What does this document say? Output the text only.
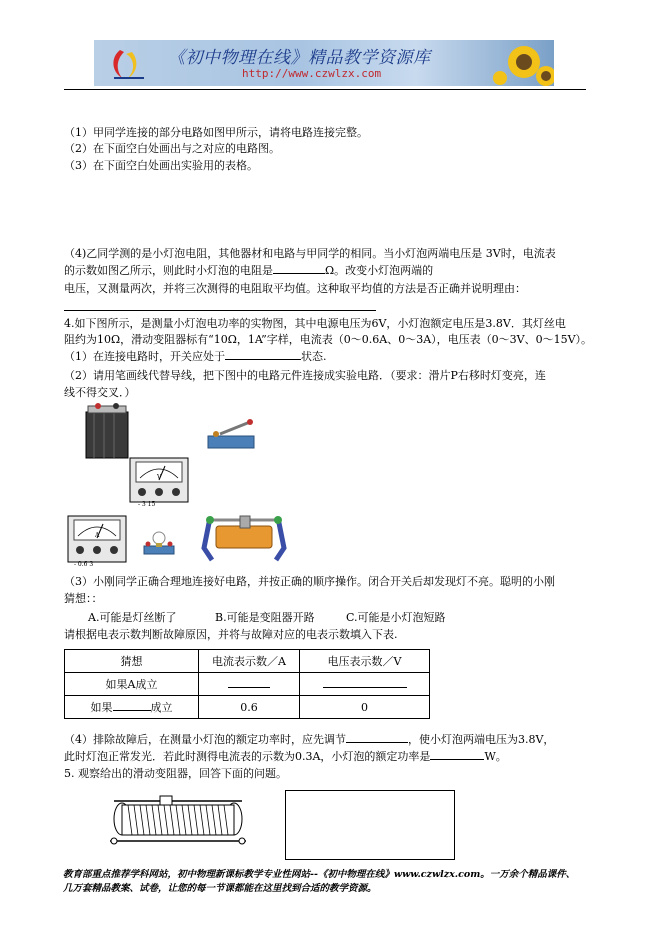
《初中物理在线》精品教学资源库
http://www.czwlzx.com
（1）甲同学连接的部分电路如图甲所示，请将电路连接完整。
（2）在下面空白处画出与之对应的电路图。
（3）在下面空白处画出实验用的表格。
（4)乙同学测的是小灯泡电阻，其他器材和电路与甲同学的相同。当小灯泡两端电压是 3V时，电流表
的示数如图乙所示，则此时小灯泡的电阻是	Ω。改变小灯泡两端的
电压，又测量两次，并将三次测得的电阻取平均值。这种取平均值的方法是否正确并说明理由：
4.如下图所示，是测量小灯泡电功率的实物图，其中电源电压为6V，小灯泡额定电压是3.8V．其灯丝电
阻约为10Ω，滑动变阻器标有“10Ω，1A”字样，电流表（0～0.6A、0～3A），电压表（0～3V、0～15V）。
（1）在连接电路时，开关应处于	状态.
（2）请用笔画线代替导线，把下图中的电路元件连接成实验电路．（要求：滑片P右移时灯变亮，连
线不得交叉．）
V
- 3 15
A
- 0.6 3
（3）小刚同学正确合理地连接好电路，并按正确的顺序操作。闭合开关后却发现灯不亮。聪明的小刚
猜想：：
A.可能是灯丝断了	B.可能是变阻器开路	C.可能是小灯泡短路
请根据电表示数判断故障原因，并将与故障对应的电表示数填入下表.
猜想	电流表示数／A	电压表示数／V
如果A成立		
如果 成立	0.6	0
（4）排除故障后，在测量小灯泡的额定功率时，应先调节	，使小灯泡两端电压为3.8V，
此时灯泡正常发光．若此时测得电流表的示数为0.3A，小灯泡的额定功率是	W。
5. 观察给出的滑动变阻器，回答下面的问题。
教育部重点推荐学科网站，初中物理新课标教学专业性网站--《初中物理在线》www.czwlzx.com。一万余个精品课件、
几万套精品教案、试卷，让您的每一节课都能在这里找到合适的教学资源。
